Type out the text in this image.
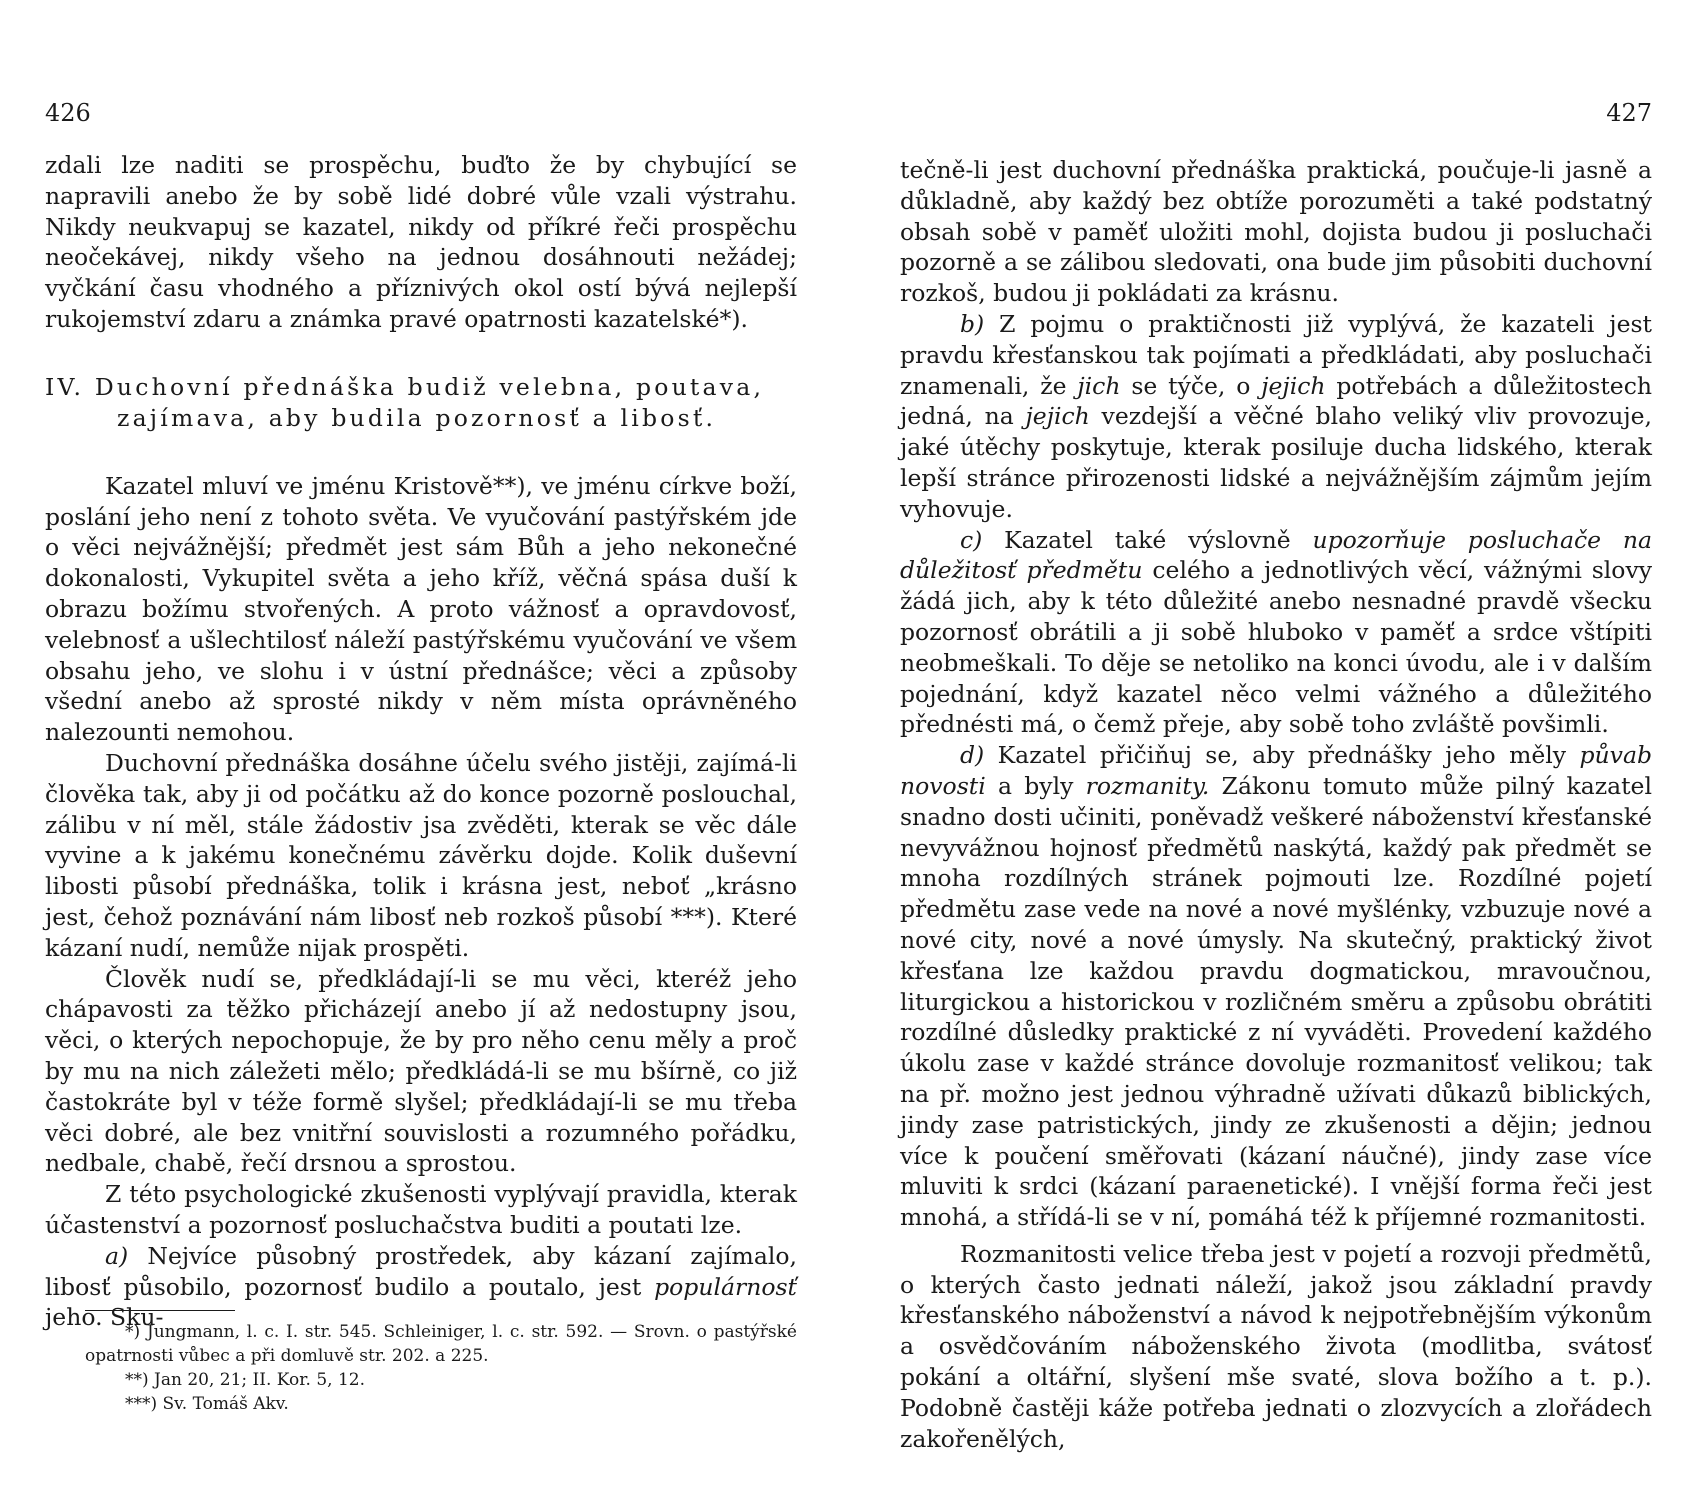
426

zdali lze naditi se prospěchu, buďto že by chybující se napravili anebo že by sobě lidé dobré vůle vzali výstrahu. Nikdy neukvapuj se kazatel, nikdy od příkré řeči prospěchu neočekávej, nikdy všeho na jednou dosáhnouti nežádej; vyčkání času vhodného a příznivých okol ostí bývá nejlepší rukojemství zdaru a známka pravé opatrnosti kazatelské*).

IV. Duchovní přednáška budiž velebna, poutava,
zajímava, aby budila pozornosť a libosť.

Kazatel mluví ve jménu Kristově**), ve jménu církve boží, poslání jeho není z tohoto světa. Ve vyučování pastýřském jde o věci nejvážnější; předmět jest sám Bůh a jeho nekonečné dokonalosti, Vykupitel světa a jeho kříž, věčná spása duší k obrazu božímu stvořených. A proto vážnosť a opravdovosť, velebnosť a ušlechtilosť náleží pastýřskému vyučování ve všem obsahu jeho, ve slohu i v ústní přednášce; věci a způsoby všední anebo až sprosté nikdy v něm místa oprávněného nalezounti nemohou.

Duchovní přednáška dosáhne účelu svého jistěji, zajímá-li člověka tak, aby ji od počátku až do konce pozorně poslouchal, zálibu v ní měl, stále žádostiv jsa zvěděti, kterak se věc dále vyvine a k jakému konečnému závěrku dojde. Kolik duševní libosti působí přednáška, tolik i krásna jest, neboť „krásno jest, čehož poznávání nám libosť neb rozkoš působí ***). Které kázaní nudí, nemůže nijak prospěti.

Člověk nudí se, předkládají-li se mu věci, kteréž jeho chápavosti za těžko přicházejí anebo jí až nedostupny jsou, věci, o kterých nepochopuje, že by pro něho cenu měly a proč by mu na nich záležeti mělo; předkládá-li se mu bšírně, co již častokráte byl v téže formě slyšel; předkládají-li se mu třeba věci dobré, ale bez vnitřní souvislosti a rozumného pořádku, nedbale, chabě, řečí drsnou a sprostou.

Z této psychologické zkušenosti vyplývají pravidla, kterak účastenství a pozornosť posluchačstva buditi a poutati lze.

a) Nejvíce působný prostředek, aby kázaní zajímalo, libosť působilo, pozornosť budilo a poutalo, jest populárnosť jeho. Sku-

*) Jungmann, l. c. I. str. 545. Schleiniger, l. c. str. 592. — Srovn. o pastýřské opatrnosti vůbec a při domluvě str. 202. a 225.

**) Jan 20, 21; II. Kor. 5, 12.

***) Sv. Tomáš Akv.

427

tečně-li jest duchovní přednáška praktická, poučuje-li jasně a důkladně, aby každý bez obtíže porozuměti a také podstatný obsah sobě v paměť uložiti mohl, dojista budou ji posluchači pozorně a se zálibou sledovati, ona bude jim působiti duchovní rozkoš, budou ji pokládati za krásnu.

b) Z pojmu o praktičnosti již vyplývá, že kazateli jest pravdu křesťanskou tak pojímati a předkládati, aby posluchači znamenali, že jich se týče, o jejich potřebách a důležitostech jedná, na jejich vezdejší a věčné blaho veliký vliv provozuje, jaké útěchy poskytuje, kterak posiluje ducha lidského, kterak lepší stránce přirozenosti lidské a nejvážnějším zájmům jejím vyhovuje.

c) Kazatel také výslovně upozorňuje posluchače na důležitosť předmětu celého a jednotlivých věcí, vážnými slovy žádá jich, aby k této důležité anebo nesnadné pravdě všecku pozornosť obrátili a ji sobě hluboko v paměť a srdce vštípiti neobmeškali. To děje se netoliko na konci úvodu, ale i v dalším pojednání, když kazatel něco velmi vážného a důležitého přednésti má, o čemž přeje, aby sobě toho zvláště povšimli.

d) Kazatel přičiňuj se, aby přednášky jeho měly půvab novosti a byly rozmanity. Zákonu tomuto může pilný kazatel snadno dosti učiniti, poněvadž veškeré náboženství křesťanské nevyvážnou hojnosť předmětů naskýtá, každý pak předmět se mnoha rozdílných stránek pojmouti lze. Rozdílné pojetí předmětu zase vede na nové a nové myšlénky, vzbuzuje nové a nové city, nové a nové úmysly. Na skutečný, praktický život křesťana lze každou pravdu dogmatickou, mravoučnou, liturgickou a historickou v rozličném směru a způsobu obrátiti rozdílné důsledky praktické z ní vyváděti. Provedení každého úkolu zase v každé stránce dovoluje rozmanitosť velikou; tak na př. možno jest jednou výhradně užívati důkazů biblických, jindy zase patristických, jindy ze zkušenosti a dějin; jednou více k poučení směřovati (kázaní náučné), jindy zase více mluviti k srdci (kázaní paraenetické). I vnější forma řeči jest mnohá, a střídá-li se v ní, pomáhá též k příjemné rozmanitosti.

Rozmanitosti velice třeba jest v pojetí a rozvoji předmětů, o kterých často jednati náleží, jakož jsou základní pravdy křesťanského náboženství a návod k nejpotřebnějším výkonům a osvědčováním náboženského života (modlitba, svátosť pokání a oltářní, slyšení mše svaté, slova božího a t. p.). Podobně častěji káže potřeba jednati o zlozvycích a zlořádech zakořenělých,
